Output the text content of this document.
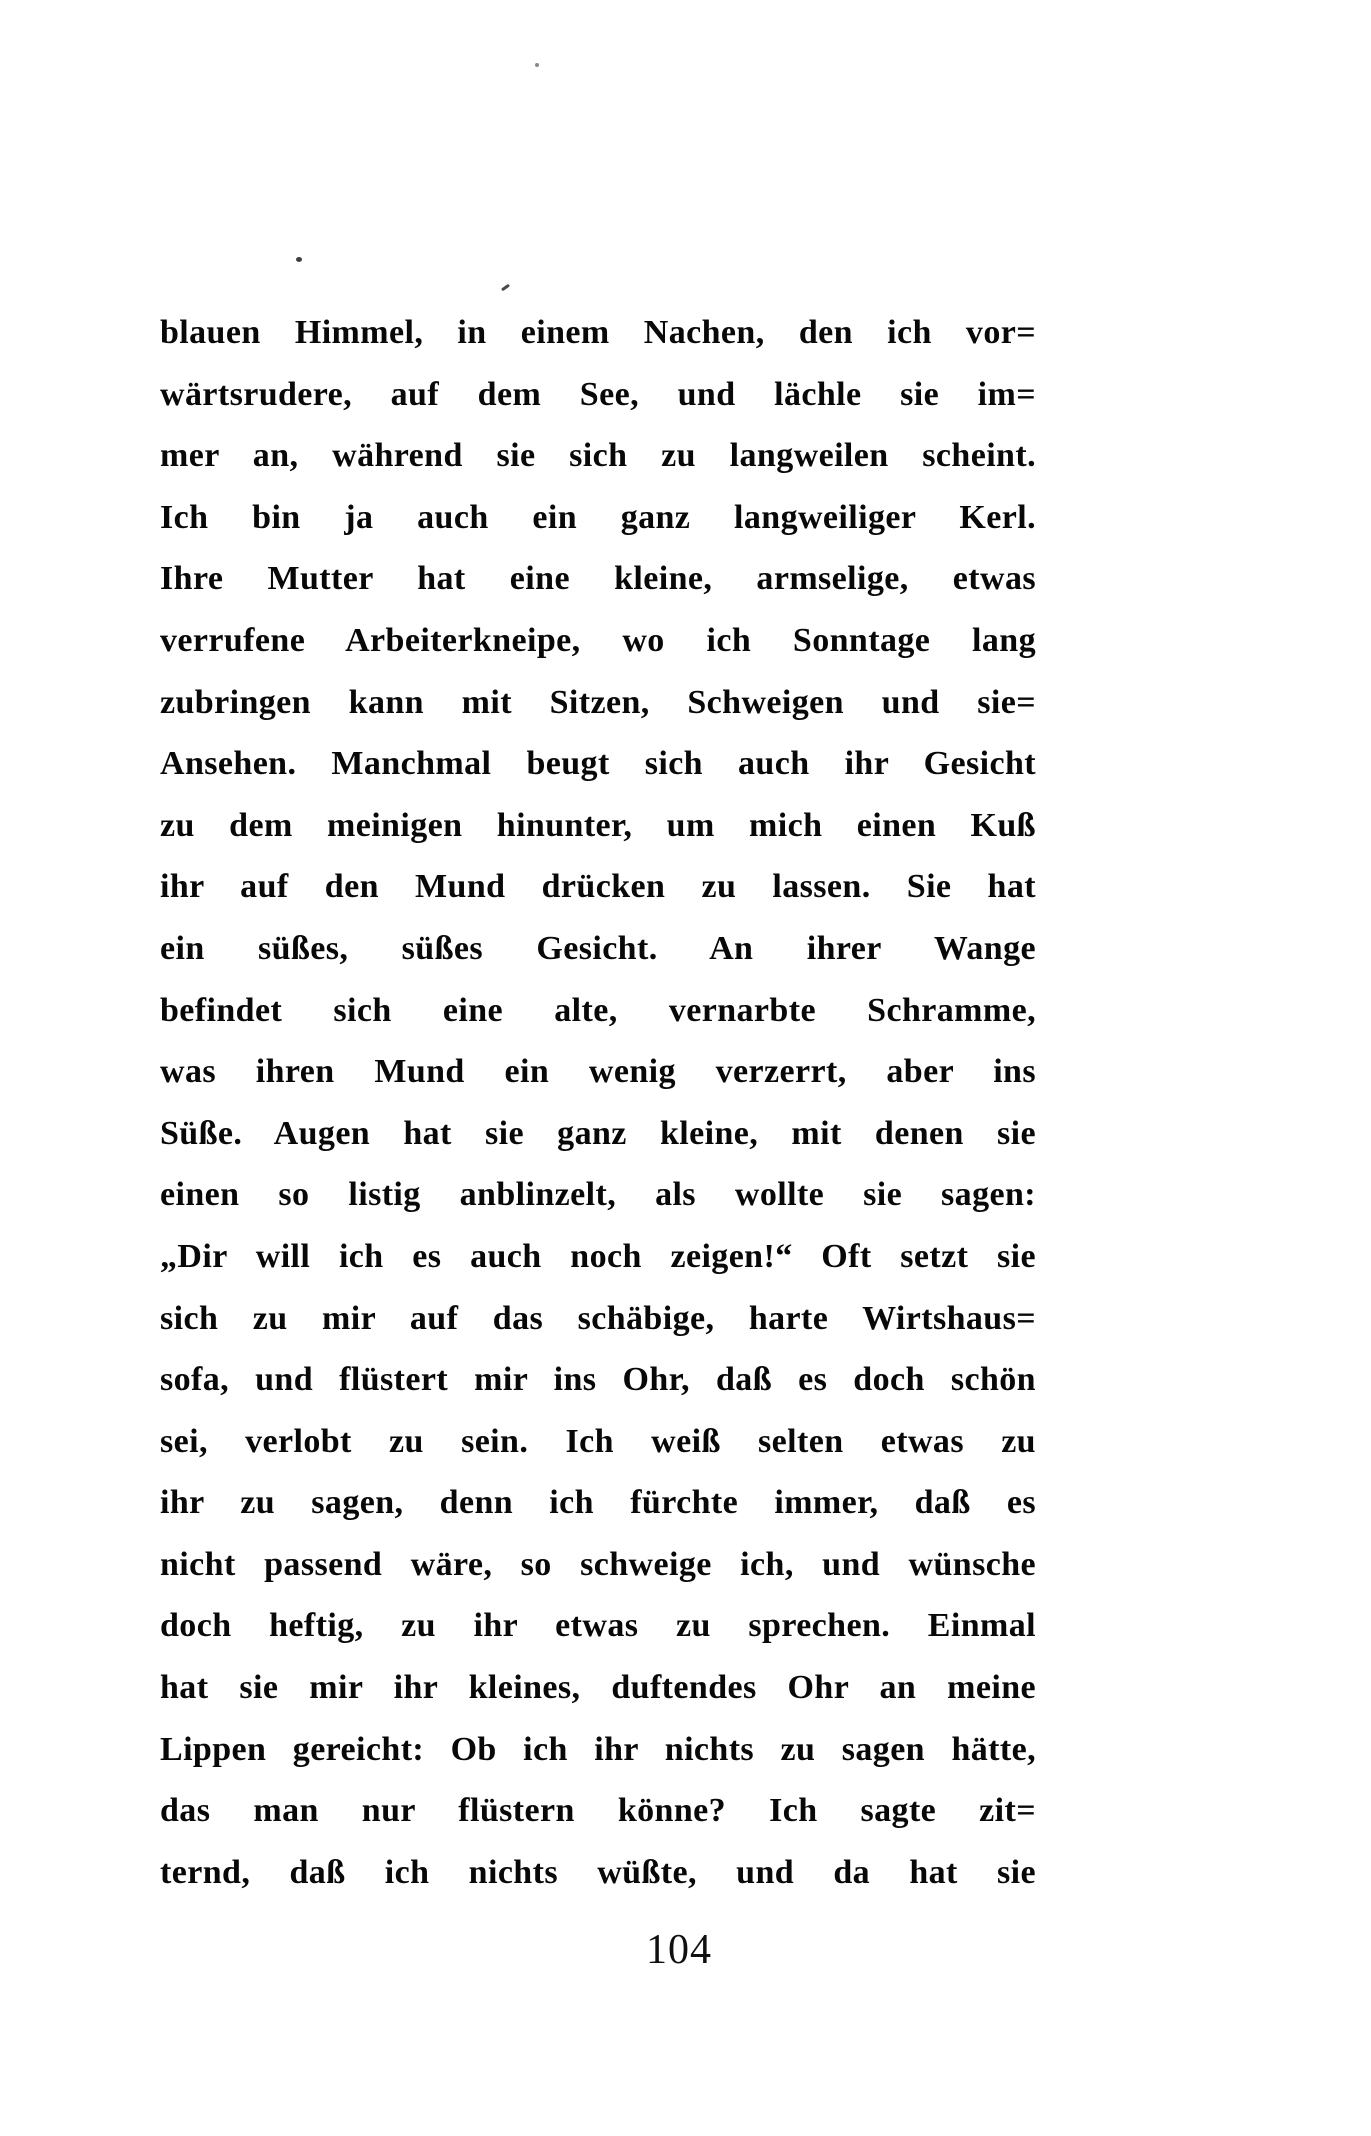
blauen Himmel, in einem Nachen, den ich vor=
wärtsrudere, auf dem See, und lächle sie im=
mer an, während sie sich zu langweilen scheint.
Ich bin ja auch ein ganz langweiliger Kerl.
Ihre Mutter hat eine kleine, armselige, etwas
verrufene Arbeiterkneipe, wo ich Sonntage lang
zubringen kann mit Sitzen, Schweigen und sie=
Ansehen. Manchmal beugt sich auch ihr Gesicht
zu dem meinigen hinunter, um mich einen Kuß
ihr auf den Mund drücken zu lassen. Sie hat
ein süßes, süßes Gesicht. An ihrer Wange
befindet sich eine alte, vernarbte Schramme,
was ihren Mund ein wenig verzerrt, aber ins
Süße. Augen hat sie ganz kleine, mit denen sie
einen so listig anblinzelt, als wollte sie sagen:
„Dir will ich es auch noch zeigen!“ Oft setzt sie
sich zu mir auf das schäbige, harte Wirtshaus=
sofa, und flüstert mir ins Ohr, daß es doch schön
sei, verlobt zu sein. Ich weiß selten etwas zu
ihr zu sagen, denn ich fürchte immer, daß es
nicht passend wäre, so schweige ich, und wünsche
doch heftig, zu ihr etwas zu sprechen. Einmal
hat sie mir ihr kleines, duftendes Ohr an meine
Lippen gereicht: Ob ich ihr nichts zu sagen hätte,
das man nur flüstern könne? Ich sagte zit=
ternd, daß ich nichts wüßte, und da hat sie
104
